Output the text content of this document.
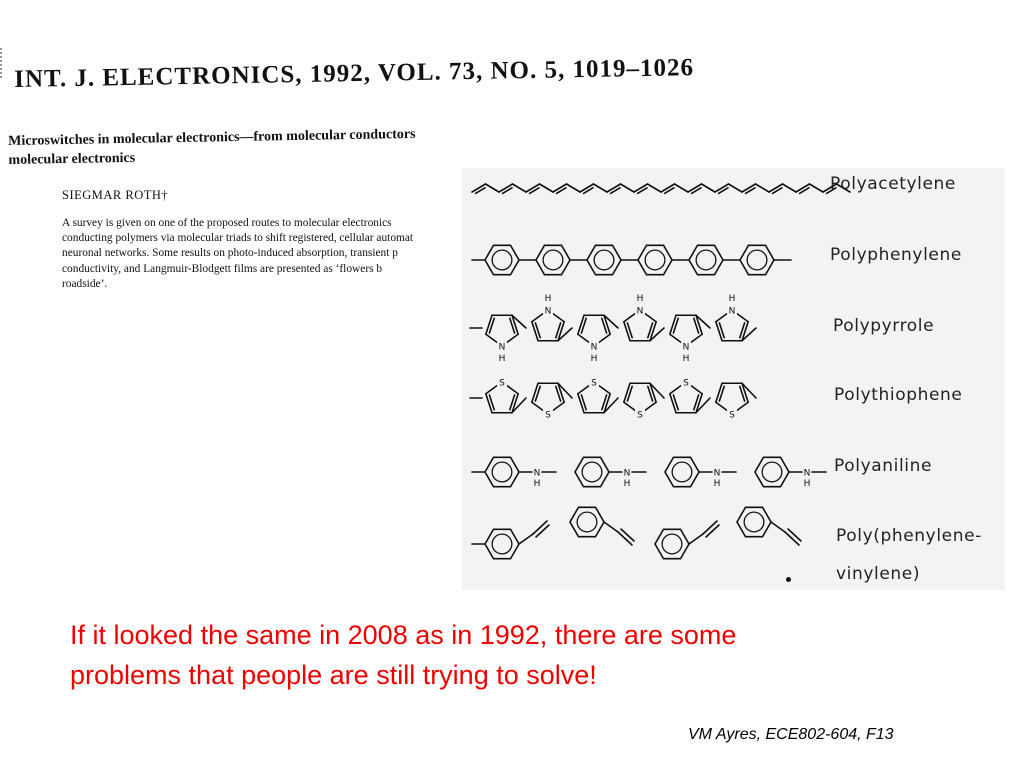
INT. J. ELECTRONICS, 1992, VOL. 73, NO. 5, 1019–1026
Microswitches in molecular electronics—from molecular conductors
molecular electronics
SIEGMAR ROTH†
A survey is given on one of the proposed routes to molecular electronics
conducting polymers via molecular triads to shift registered, cellular automat
neuronal networks. Some results on photo-induced absorption, transient p
conductivity, and Langmuir-Blodgett films are presented as ‘flowers b
roadside’.
N
H
N
H
N
H
N
H
N
H
N
H
S
S
S
S
S
S
N
H
N
H
N
H
N
H
Polyacetylene
Polyphenylene
Polypyrrole
Polythiophene
Polyaniline
Poly(phenylene-
vinylene)
If it looked the same in 2008 as in 1992, there are some
problems that people are still trying to solve!
VM Ayres, ECE802-604, F13
